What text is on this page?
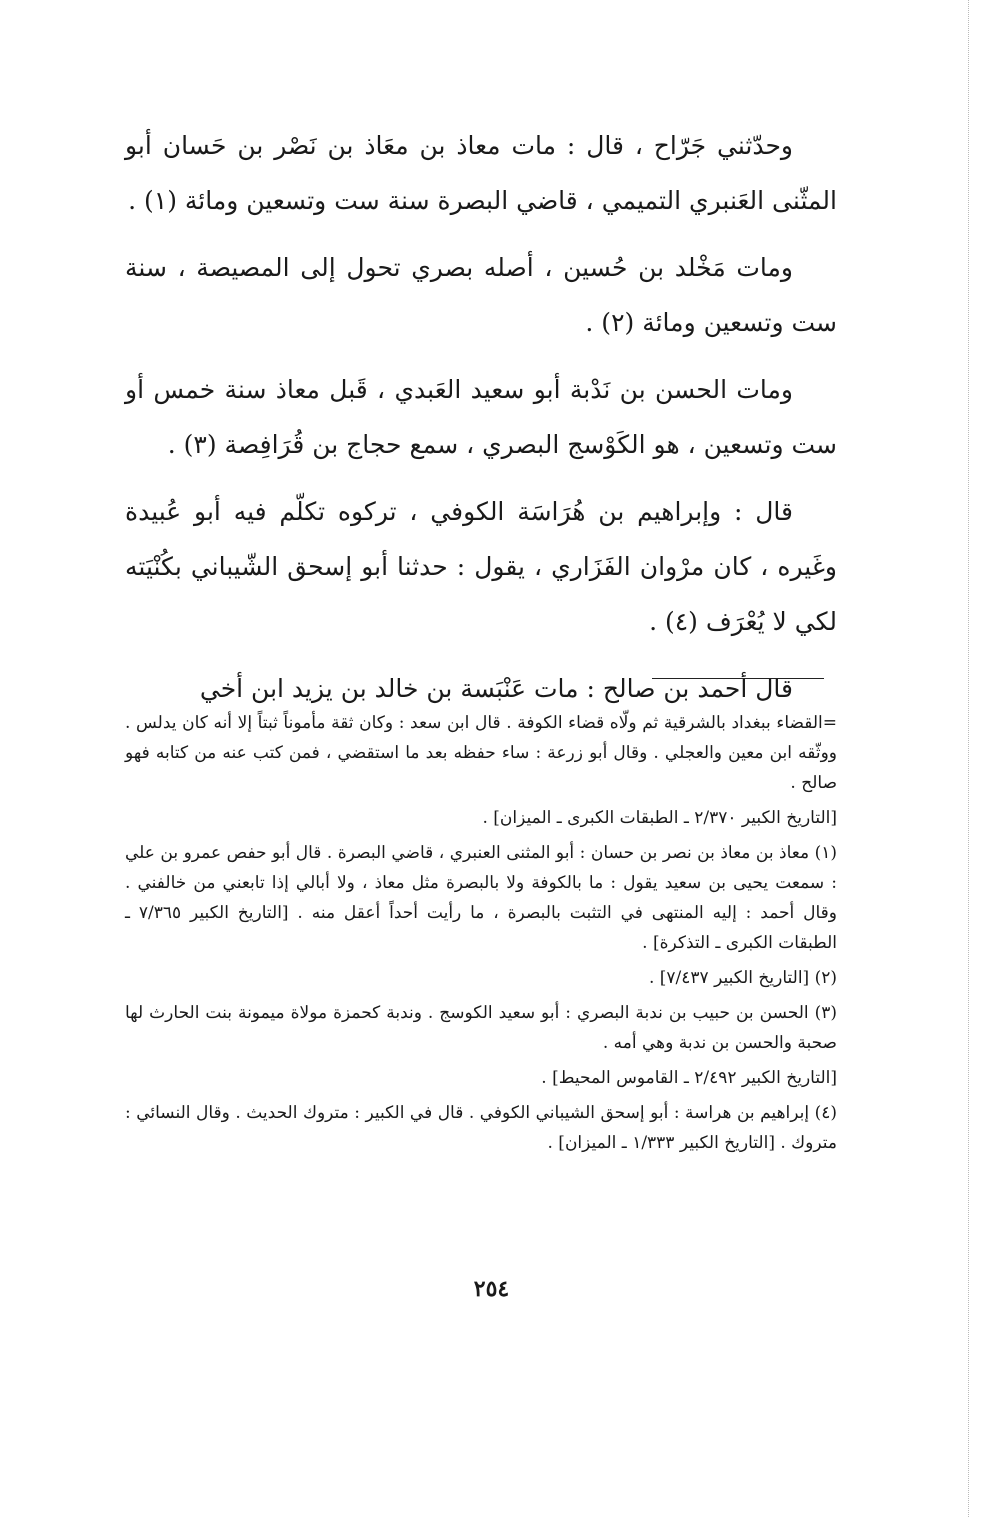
وحدّثني جَرّاح ، قال : مات معاذ بن معَاذ بن نَصْر بن حَسان أبو المثّنى العَنبري التميمي ، قاضي البصرة سنة ست وتسعين ومائة (١) .

ومات مَخْلد بن حُسين ، أصله بصري تحول إلى المصيصة ، سنة ست وتسعين ومائة (٢) .

ومات الحسن بن نَدْبة أبو سعيد العَبدي ، قَبل معاذ سنة خمس أو ست وتسعين ، هو الكَوْسج البصري ، سمع حجاج بن قُرَافِصة (٣) .

قال : وإبراهيم بن هُرَاسَة الكوفي ، تركوه تكلّم فيه أبو عُبيدة وغَيره ، كان مرْوان الفَزَاري ، يقول : حدثنا أبو إسحق الشّيباني بكُنْيَته لكي لا يُعْرَف (٤) .

قال أحمد بن صالح : مات عَنْبَسة بن خالد بن يزيد ابن أخي

=القضاء ببغداد بالشرقية ثم ولّاه قضاء الكوفة . قال ابن سعد : وكان ثقة مأموناً ثبتاً إلا أنه كان يدلس . ووثّقه ابن معين والعجلي . وقال أبو زرعة : ساء حفظه بعد ما استقضي ، فمن كتب عنه من كتابه فهو صالح .

[التاريخ الكبير ٢/٣٧٠ ـ الطبقات الكبرى ـ الميزان] .

(١) معاذ بن معاذ بن نصر بن حسان : أبو المثنى العنبري ، قاضي البصرة . قال أبو حفص عمرو بن علي : سمعت يحيى بن سعيد يقول : ما بالكوفة ولا بالبصرة مثل معاذ ، ولا أبالي إذا تابعني من خالفني . وقال أحمد : إليه المنتهى في التثبت بالبصرة ، ما رأيت أحداً أعقل منه . [التاريخ الكبير ٧/٣٦٥ ـ الطبقات الكبرى ـ التذكرة] .

(٢) [التاريخ الكبير ٧/٤٣٧] .

(٣) الحسن بن حبيب بن ندبة البصري : أبو سعيد الكوسج . وندبة كحمزة مولاة ميمونة بنت الحارث لها صحبة والحسن بن ندبة وهي أمه .

[التاريخ الكبير ٢/٤٩٢ ـ القاموس المحيط] .

(٤) إبراهيم بن هراسة : أبو إسحق الشيباني الكوفي . قال في الكبير : متروك الحديث . وقال النسائي : متروك . [التاريخ الكبير ١/٣٣٣ ـ الميزان] .

٢٥٤
